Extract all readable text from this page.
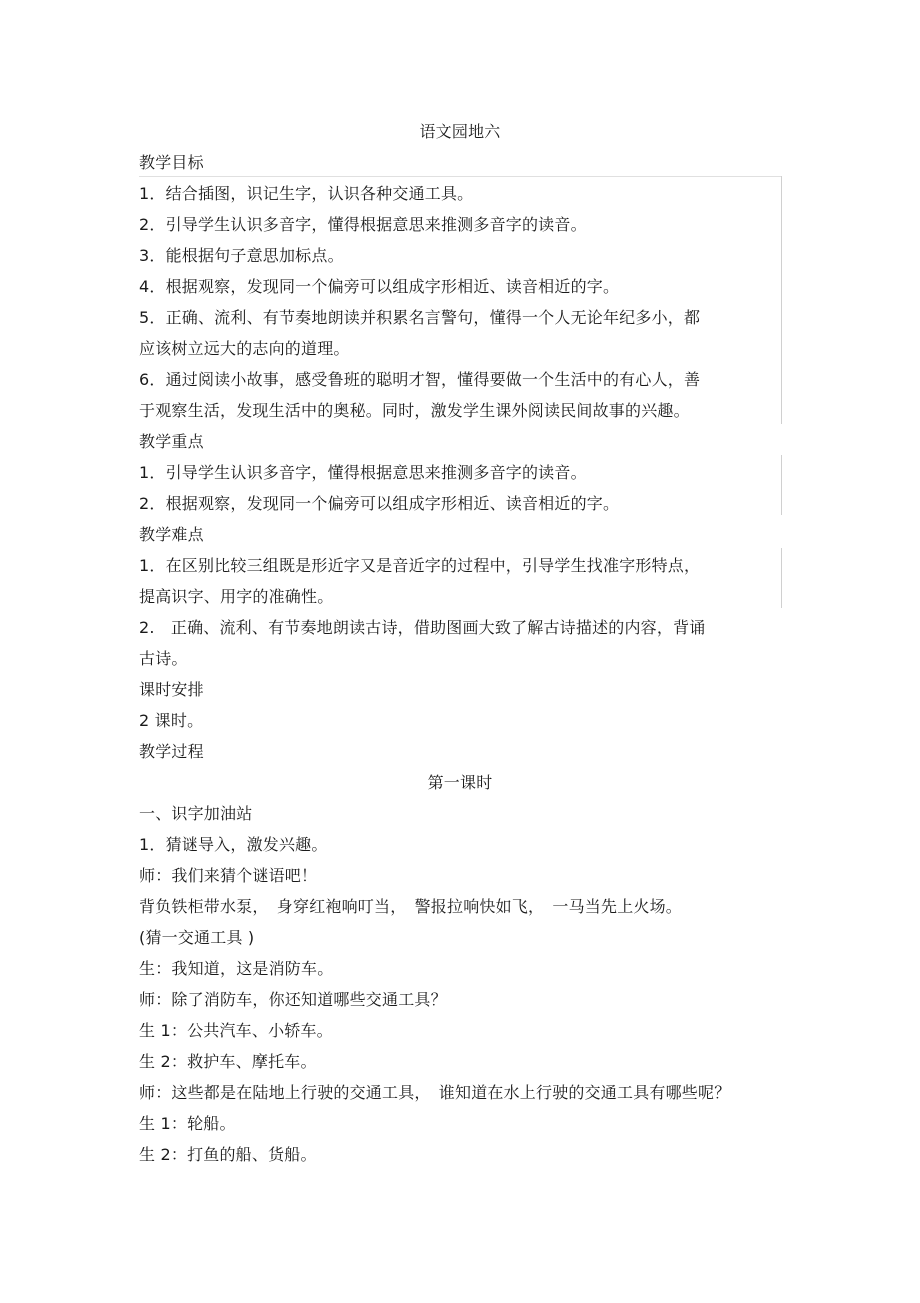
语文园地六
教学目标
1．结合插图，识记生字，认识各种交通工具。
2．引导学生认识多音字，懂得根据意思来推测多音字的读音。
3．能根据句子意思加标点。
4．根据观察，发现同一个偏旁可以组成字形相近、读音相近的字。
5．正确、流利、有节奏地朗读并积累名言警句，懂得一个人无论年纪多小，都
应该树立远大的志向的道理。
6．通过阅读小故事，感受鲁班的聪明才智，懂得要做一个生活中的有心人，善
于观察生活，发现生活中的奥秘。同时，激发学生课外阅读民间故事的兴趣。
教学重点
1．引导学生认识多音字，懂得根据意思来推测多音字的读音。
2．根据观察，发现同一个偏旁可以组成字形相近、读音相近的字。
教学难点
1．在区别比较三组既是形近字又是音近字的过程中，引导学生找准字形特点，
提高识字、用字的准确性。
2.　正确、流利、有节奏地朗读古诗，借助图画大致了解古诗描述的内容，背诵
古诗。
课时安排
2 课时。
教学过程
第一课时
一、识字加油站
1．猜谜导入，激发兴趣。
师：我们来猜个谜语吧！
背负铁柜带水泵，　身穿红袍响叮当，　警报拉响快如飞，　一马当先上火场。
(猜一交通工具 )
生：我知道，这是消防车。
师：除了消防车，你还知道哪些交通工具？
生 1：公共汽车、小轿车。
生 2：救护车、摩托车。
师：这些都是在陆地上行驶的交通工具，　谁知道在水上行驶的交通工具有哪些呢？
生 1：轮船。
生 2：打鱼的船、货船。
